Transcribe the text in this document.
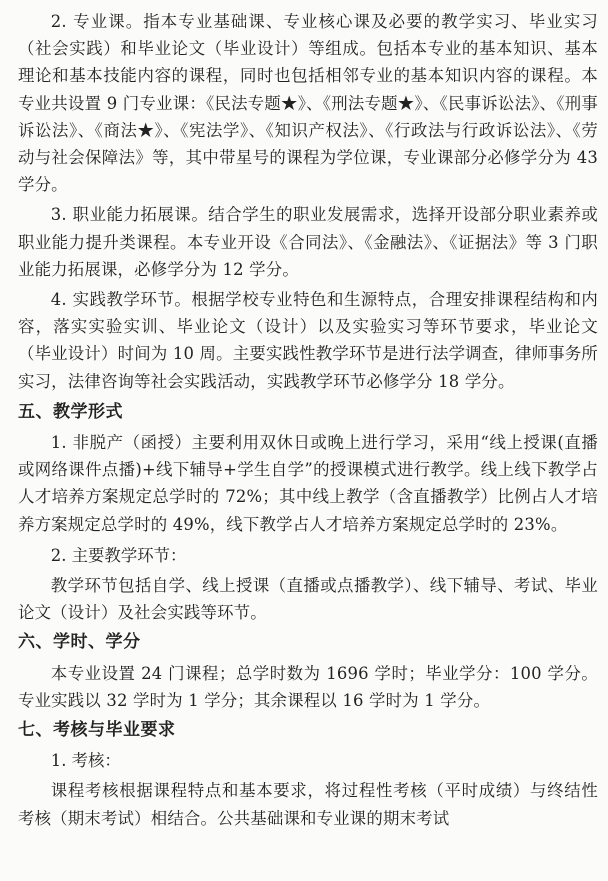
2. 专业课。指本专业基础课、专业核心课及必要的教学实习、毕业实习（社会实践）和毕业论文（毕业设计）等组成。包括本专业的基本知识、基本理论和基本技能内容的课程，同时也包括相邻专业的基本知识内容的课程。本专业共设置 9 门专业课：《民法专题★》、《刑法专题★》、《民事诉讼法》、《刑事诉讼法》、《商法★》、《宪法学》、《知识产权法》、《行政法与行政诉讼法》、《劳动与社会保障法》等，其中带星号的课程为学位课，专业课部分必修学分为 43 学分。

3. 职业能力拓展课。结合学生的职业发展需求，选择开设部分职业素养或职业能力提升类课程。本专业开设《合同法》、《金融法》、《证据法》等 3 门职业能力拓展课，必修学分为 12 学分。

4. 实践教学环节。根据学校专业特色和生源特点，合理安排课程结构和内容，落实实验实训、毕业论文（设计）以及实验实习等环节要求，毕业论文（毕业设计）时间为 10 周。主要实践性教学环节是进行法学调查，律师事务所实习，法律咨询等社会实践活动，实践教学环节必修学分 18 学分。

五、教学形式

1. 非脱产（函授）主要利用双休日或晚上进行学习，采用“线上授课(直播或网络课件点播)+线下辅导+学生自学”的授课模式进行教学。线上线下教学占人才培养方案规定总学时的 72%；其中线上教学（含直播教学）比例占人才培养方案规定总学时的 49%，线下教学占人才培养方案规定总学时的 23%。

2. 主要教学环节：

教学环节包括自学、线上授课（直播或点播教学）、线下辅导、考试、毕业论文（设计）及社会实践等环节。

六、学时、学分

本专业设置 24 门课程；总学时数为 1696 学时；毕业学分：100 学分。专业实践以 32 学时为 1 学分；其余课程以 16 学时为 1 学分。

七、考核与毕业要求

1. 考核：

课程考核根据课程特点和基本要求，将过程性考核（平时成绩）与终结性考核（期末考试）相结合。公共基础课和专业课的期末考试
